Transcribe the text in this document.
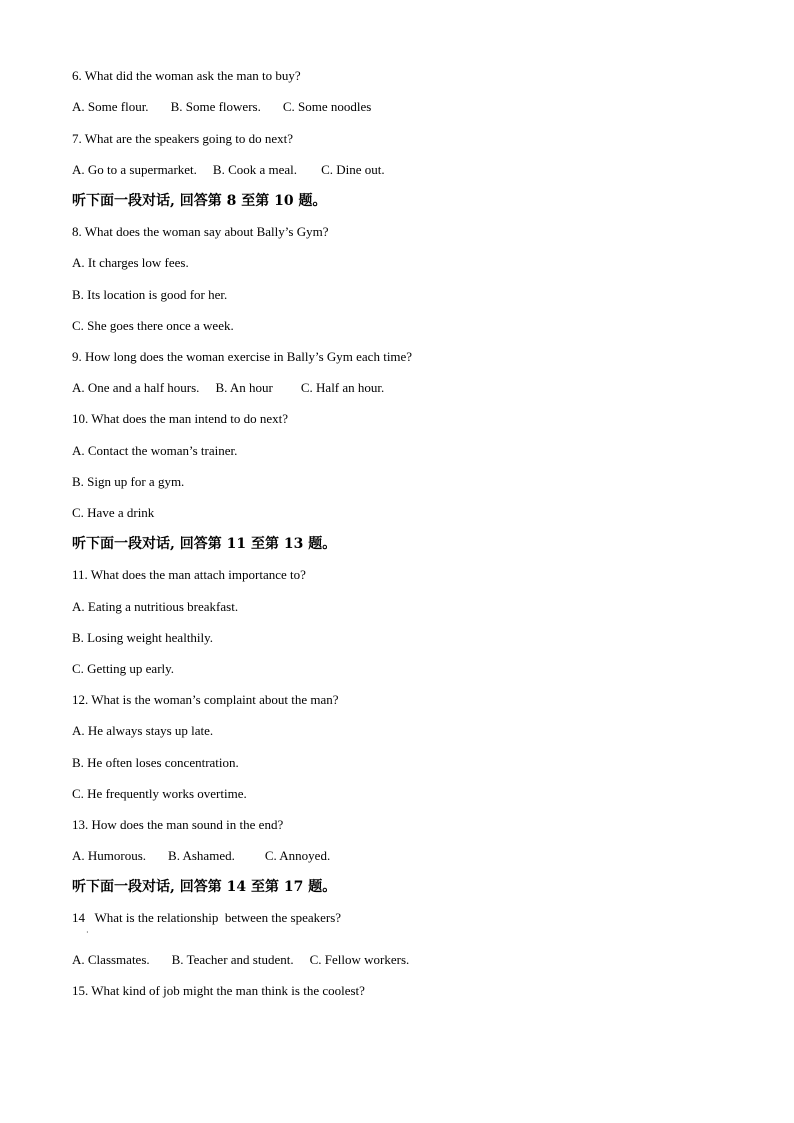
6. What did the woman ask the man to buy?
A. Some flour. B. Some flowers. C. Some noodles
7. What are the speakers going to do next?
A. Go to a supermarket. B. Cook a meal. C. Dine out.
听下面一段对话, 回答第 8 至第 10 题。
8. What does the woman say about Bally’s Gym?
A. It charges low fees.
B. Its location is good for her.
C. She goes there once a week.
9. How long does the woman exercise in Bally’s Gym each time?
A. One and a half hours. B. An hour C. Half an hour.
10. What does the man intend to do next?
A. Contact the woman’s trainer.
B. Sign up for a gym.
C. Have a drink
听下面一段对话, 回答第 11 至第 13 题。
11. What does the man attach importance to?
A. Eating a nutritious breakfast.
B. Losing weight healthily.
C. Getting up early.
12. What is the woman’s complaint about the man?
A. He always stays up late.
B. He often loses concentration.
C. He frequently works overtime.
13. How does the man sound in the end?
A. Humorous. B. Ashamed. C. Annoyed.
听下面一段对话, 回答第 14 至第 17 题。
14   What is the relationship  between the speakers?
·
A. Classmates. B. Teacher and student. C. Fellow workers.
15. What kind of job might the man think is the coolest?
